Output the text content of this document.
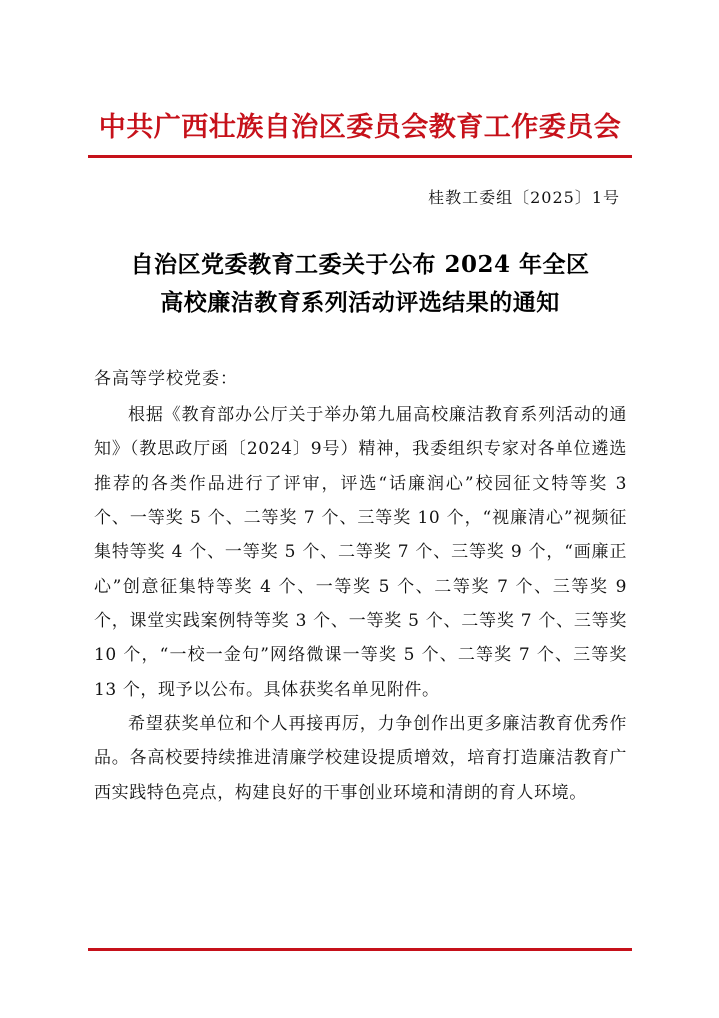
中共广西壮族自治区委员会教育工作委员会
桂教工委组〔2025〕1号
自治区党委教育工委关于公布 2024 年全区
高校廉洁教育系列活动评选结果的通知
各高等学校党委：

根据《教育部办公厅关于举办第九届高校廉洁教育系列活动的通知》（教思政厅函〔2024〕9号）精神，我委组织专家对各单位遴选推荐的各类作品进行了评审，评选“话廉润心”校园征文特等奖 3 个、一等奖 5 个、二等奖 7 个、三等奖 10 个，“视廉清心”视频征集特等奖 4 个、一等奖 5 个、二等奖 7 个、三等奖 9 个，“画廉正心”创意征集特等奖 4 个、一等奖 5 个、二等奖 7 个、三等奖 9 个，课堂实践案例特等奖 3 个、一等奖 5 个、二等奖 7 个、三等奖 10 个，“一校一金句”网络微课一等奖 5 个、二等奖 7 个、三等奖 13 个，现予以公布。具体获奖名单见附件。

希望获奖单位和个人再接再厉，力争创作出更多廉洁教育优秀作品。各高校要持续推进清廉学校建设提质增效，培育打造廉洁教育广西实践特色亮点，构建良好的干事创业环境和清朗的育人环境。
